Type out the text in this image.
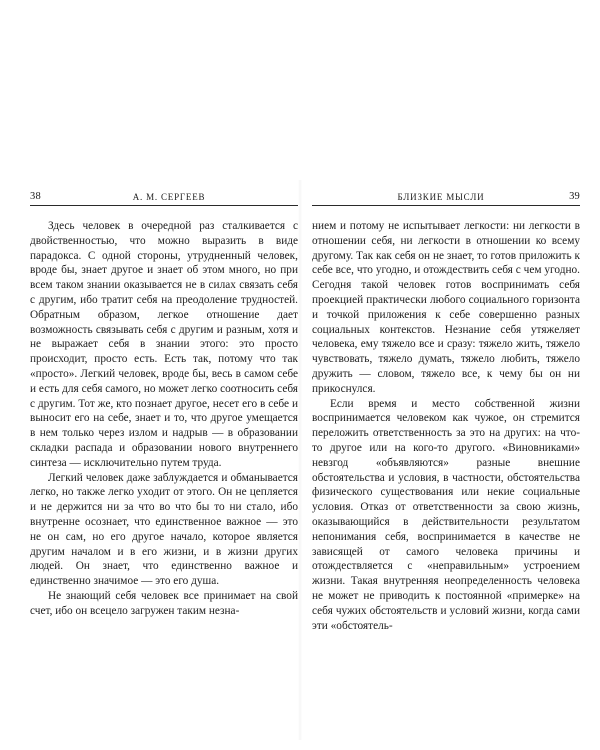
38	А. М. СЕРГЕЕВ

Здесь человек в очередной раз сталкивается с двойственностью, что можно выразить в виде парадокса. С одной стороны, утрудненный человек, вроде бы, знает другое и знает об этом много, но при всем таком знании оказывается не в силах связать себя с другим, ибо тратит себя на преодоление трудностей. Обратным образом, легкое отношение дает возможность связывать себя с другим и разным, хотя и не выражает себя в знании этого: это просто происходит, просто есть. Есть так, потому что так «просто». Легкий человек, вроде бы, весь в самом себе и есть для себя самого, но может легко соотносить себя с другим. Тот же, кто познает другое, несет его в себе и выносит его на себе, знает и то, что другое умещается в нем только через излом и надрыв — в образовании складки распада и образовании нового внутреннего синтеза — исключительно путем труда.

Легкий человек даже заблуждается и обманывается легко, но также легко уходит от этого. Он не цепляется и не держится ни за что во что бы то ни стало, ибо внутренне осознает, что единственное важное — это не он сам, но его другое начало, которое является другим началом и в его жизни, и в жизни других людей. Он знает, что единственно важное и единственно значимое — это его душа.

Не знающий себя человек все принимает на свой счет, ибо он всецело загружен таким незна-

БЛИЗКИЕ МЫСЛИ	39

нием и потому не испытывает легкости: ни легкости в отношении себя, ни легкости в отношении ко всему другому. Так как себя он не знает, то готов приложить к себе все, что угодно, и отождествить себя с чем угодно. Сегодня такой человек готов воспринимать себя проекцией практически любого социального горизонта и точкой приложения к себе совершенно разных социальных контекстов. Незнание себя утяжеляет человека, ему тяжело все и сразу: тяжело жить, тяжело чувствовать, тяжело думать, тяжело любить, тяжело дружить — словом, тяжело все, к чему бы он ни прикоснулся.

Если время и место собственной жизни воспринимается человеком как чужое, он стремится переложить ответственность за это на других: на что-то другое или на кого-то другого. «Виновниками» невзгод «объявляются» разные внешние обстоятельства и условия, в частности, обстоятельства физического существования или некие социальные условия. Отказ от ответственности за свою жизнь, оказывающийся в действительности результатом непонимания себя, воспринимается в качестве не зависящей от самого человека причины и отождествляется с «неправильным» устроением жизни. Такая внутренняя неопределенность человека не может не приводить к постоянной «примерке» на себя чужих обстоятельств и условий жизни, когда сами эти «обстоятель-
